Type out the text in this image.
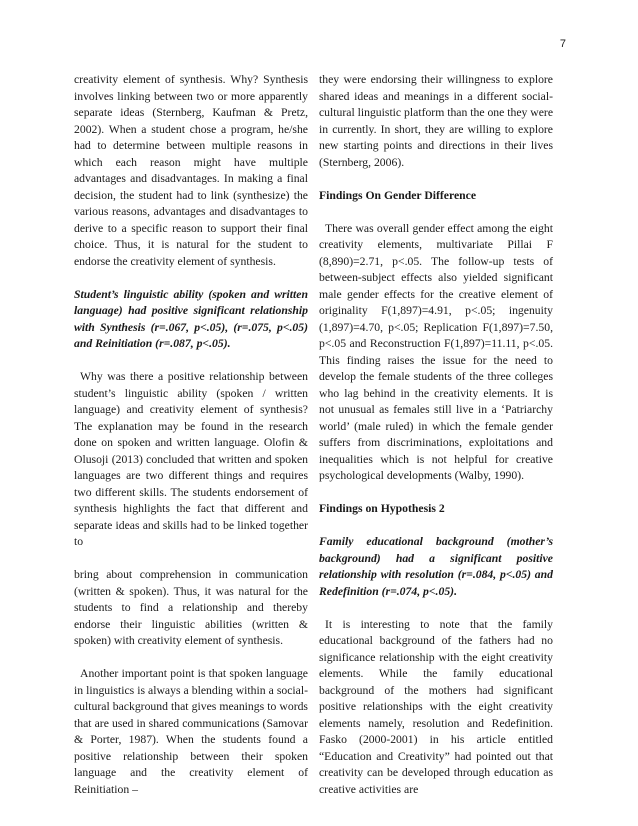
7

creativity element of synthesis. Why? Synthesis involves linking between two or more apparently separate ideas (Sternberg, Kaufman & Pretz, 2002). When a student chose a program, he/she had to determine between multiple reasons in which each reason might have multiple advantages and disadvantages. In making a final decision, the student had to link (synthesize) the various reasons, advantages and disadvantages to derive to a specific reason to support their final choice. Thus, it is natural for the student to endorse the creativity element of synthesis.

Student’s linguistic ability (spoken and written language) had positive significant relationship with Synthesis (r=.067, p<.05), (r=.075, p<.05) and Reinitiation (r=.087, p<.05).

Why was there a positive relationship between student’s linguistic ability (spoken / written language) and creativity element of synthesis? The explanation may be found in the research done on spoken and written language. Olofin & Olusoji (2013) concluded that written and spoken languages are two different things and requires two different skills. The students endorsement of synthesis highlights the fact that different and separate ideas and skills had to be linked together to

bring about comprehension in communication (written & spoken). Thus, it was natural for the students to find a relationship and thereby endorse their linguistic abilities (written & spoken) with creativity element of synthesis.

Another important point is that spoken language in linguistics is always a blending within a social-cultural background that gives meanings to words that are used in shared communications (Samovar & Porter, 1987). When the students found a positive relationship between their spoken language and the creativity element of Reinitiation –

they were endorsing their willingness to explore shared ideas and meanings in a different social-cultural linguistic platform than the one they were in currently. In short, they are willing to explore new starting points and directions in their lives (Sternberg, 2006).

Findings On Gender Difference

There was overall gender effect among the eight creativity elements, multivariate Pillai F (8,890)=2.71, p<.05. The follow-up tests of between-subject effects also yielded significant male gender effects for the creative element of originality F(1,897)=4.91, p<.05; ingenuity (1,897)=4.70, p<.05; Replication F(1,897)=7.50, p<.05 and Reconstruction F(1,897)=11.11, p<.05. This finding raises the issue for the need to develop the female students of the three colleges who lag behind in the creativity elements. It is not unusual as females still live in a ‘Patriarchy world’ (male ruled) in which the female gender suffers from discriminations, exploitations and inequalities which is not helpful for creative psychological developments (Walby, 1990).

Findings on Hypothesis 2

Family educational background (mother’s background) had a significant positive relationship with resolution (r=.084, p<.05) and Redefinition (r=.074, p<.05).

It is interesting to note that the family educational background of the fathers had no significance relationship with the eight creativity elements. While the family educational background of the mothers had significant positive relationships with the eight creativity elements namely, resolution and Redefinition. Fasko (2000-2001) in his article entitled “Education and Creativity” had pointed out that creativity can be developed through education as creative activities are
